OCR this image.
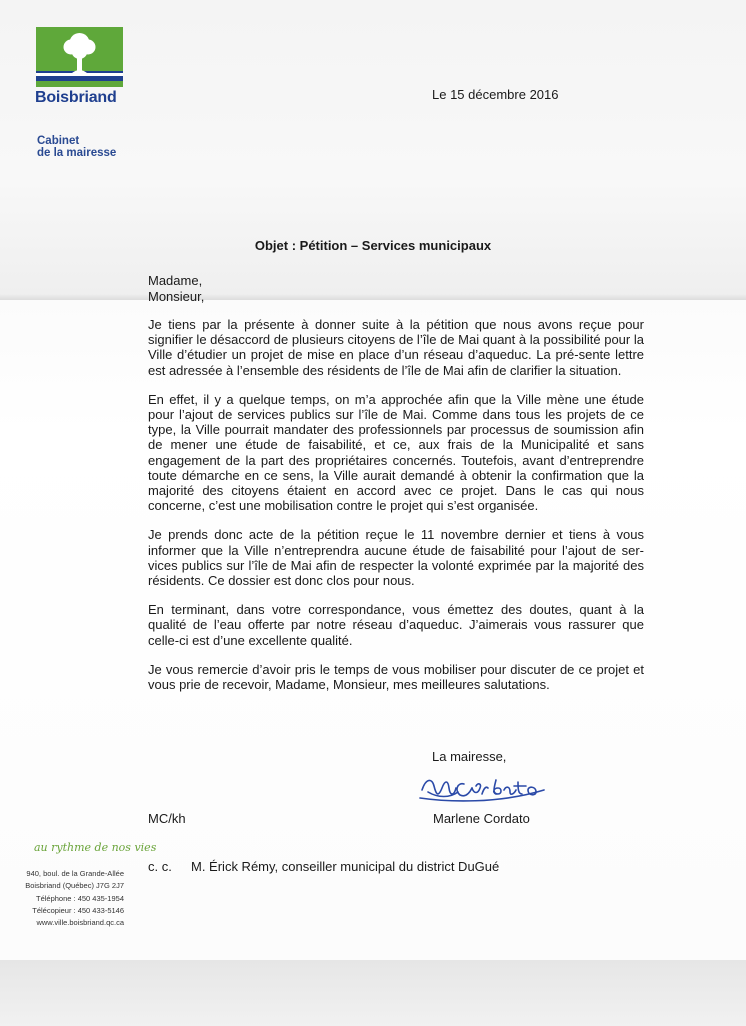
Boisbriand
Cabinet
de la mairesse
Le 15 décembre 2016
Objet : Pétition – Services municipaux
Madame,
Monsieur,

Je tiens par la présente à donner suite à la pétition que nous avons reçue pour signifier le désaccord de plusieurs citoyens de l’île de Mai quant à la possibilité pour la Ville d’étudier un projet de mise en place d’un réseau d’aqueduc. La pré-sente lettre est adressée à l’ensemble des résidents de l’île de Mai afin de clarifier la situation.

En effet, il y a quelque temps, on m’a approchée afin que la Ville mène une étude pour l’ajout de services publics sur l’île de Mai. Comme dans tous les projets de ce type, la Ville pourrait mandater des professionnels par processus de soumission afin de mener une étude de faisabilité, et ce, aux frais de la Municipalité et sans engagement de la part des propriétaires concernés. Toutefois, avant d’entreprendre toute démarche en ce sens, la Ville aurait demandé à obtenir la confirmation que la majorité des citoyens étaient en accord avec ce projet. Dans le cas qui nous concerne, c’est une mobilisation contre le projet qui s’est organisée.

Je prends donc acte de la pétition reçue le 11 novembre dernier et tiens à vous informer que la Ville n’entreprendra aucune étude de faisabilité pour l’ajout de ser-vices publics sur l’île de Mai afin de respecter la volonté exprimée par la majorité des résidents. Ce dossier est donc clos pour nous.

En terminant, dans votre correspondance, vous émettez des doutes, quant à la qualité de l’eau offerte par notre réseau d’aqueduc. J’aimerais vous rassurer que celle-ci est d’une excellente qualité.

Je vous remercie d’avoir pris le temps de vous mobiliser pour discuter de ce projet et vous prie de recevoir, Madame, Monsieur, mes meilleures salutations.

La mairesse,
Marlene Cordato
MC/kh
au rythme de nos vies
c. c. M. Érick Rémy, conseiller municipal du district DuGué
940, boul. de la Grande-Allée
Boisbriand (Québec) J7G 2J7
Téléphone : 450 435-1954
Télécopieur : 450 433-5146
www.ville.boisbriand.qc.ca
